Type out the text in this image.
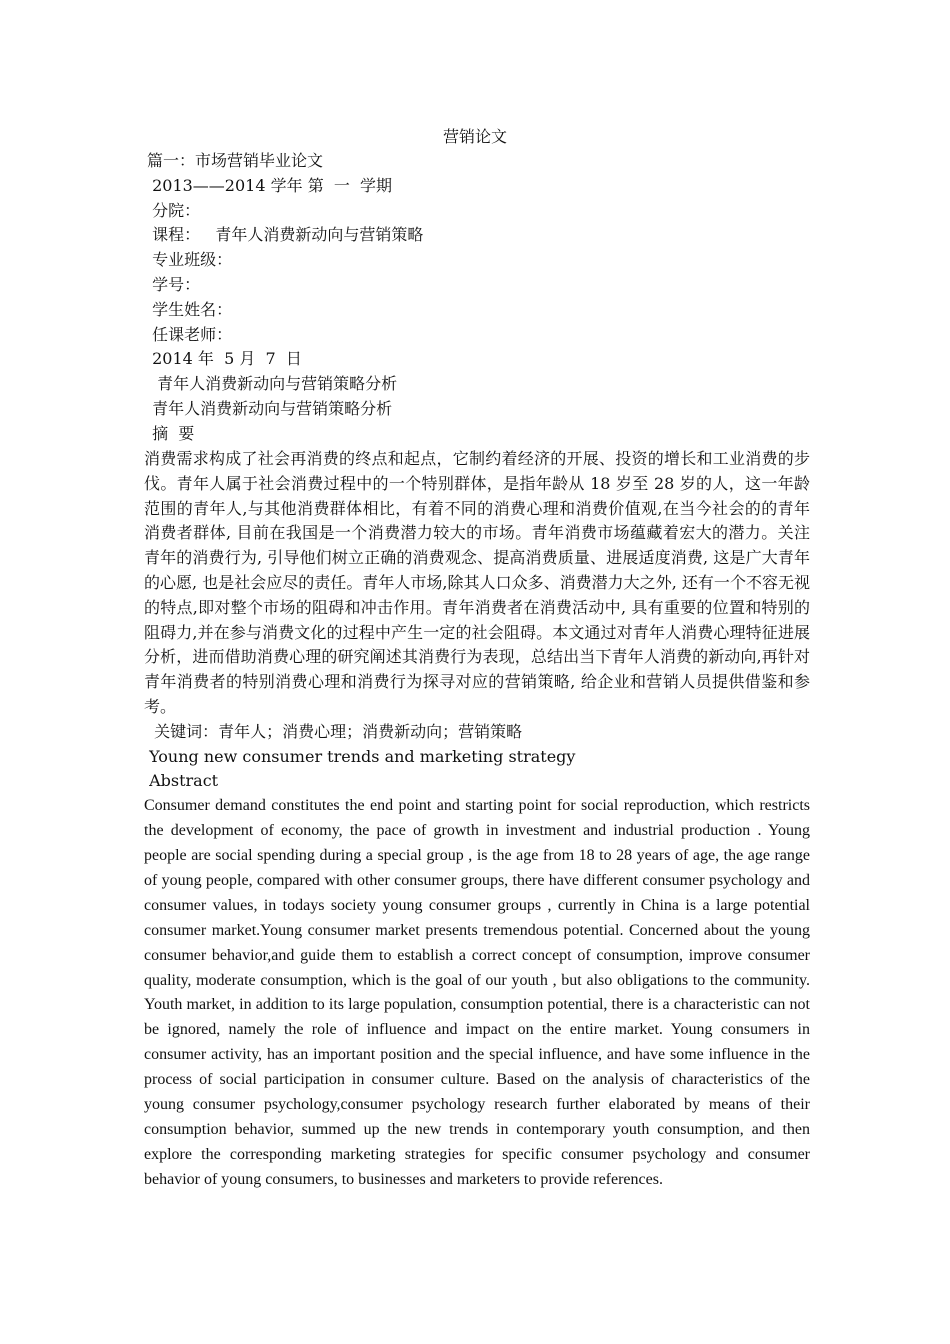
营销论文
篇一：市场营销毕业论文
2013——2014 学年 第  一  学期
分院：
课程：   青年人消费新动向与营销策略
专业班级：
学号：
学生姓名：
任课老师：
2014 年  5 月  7  日
青年人消费新动向与营销策略分析
青年人消费新动向与营销策略分析
摘  要

消费需求构成了社会再消费的终点和起点，它制约着经济的开展、投资的增长和工业消费的步伐。青年人属于社会消费过程中的一个特别群体，是指年龄从 18 岁至 28 岁的人，这一年龄范围的青年人,与其他消费群体相比，有着不同的消费心理和消费价值观,在当今社会的的青年消费者群体, 目前在我国是一个消费潜力较大的市场。青年消费市场蕴藏着宏大的潜力。关注青年的消费行为, 引导他们树立正确的消费观念、提高消费质量、进展适度消费, 这是广大青年的心愿, 也是社会应尽的责任。青年人市场,除其人口众多、消费潜力大之外, 还有一个不容无视的特点,即对整个市场的阻碍和冲击作用。青年消费者在消费活动中, 具有重要的位置和特别的阻碍力,并在参与消费文化的过程中产生一定的社会阻碍。本文通过对青年人消费心理特征进展分析，进而借助消费心理的研究阐述其消费行为表现，总结出当下青年人消费的新动向,再针对青年消费者的特别消费心理和消费行为探寻对应的营销策略, 给企业和营销人员提供借鉴和参考。

关键词：青年人；消费心理；消费新动向；营销策略

Young new consumer trends and marketing strategy

Abstract

Consumer demand constitutes the end point and starting point for social reproduction, which restricts the development of economy, the pace of growth in investment and industrial production . Young people are social spending during a special group , is the age from 18 to 28 years of age, the age range of young people, compared with other consumer groups, there have different consumer psychology and consumer values, in todays society young consumer groups , currently in China is a large potential consumer market.Young consumer market presents tremendous potential. Concerned about the young consumer behavior,and guide them to establish a correct concept of consumption, improve consumer quality, moderate consumption, which is the goal of our youth , but also obligations to the community. Youth market, in addition to its large population, consumption potential, there is a characteristic can not be ignored, namely the role of influence and impact on the entire market. Young consumers in consumer activity, has an important position and the special influence, and have some influence in the process of social participation in consumer culture. Based on the analysis of characteristics of the young consumer psychology,consumer psychology research further elaborated by means of their consumption behavior, summed up the new trends in contemporary youth consumption, and then explore the corresponding marketing strategies for specific consumer psychology and consumer behavior of young consumers, to businesses and marketers to provide references.
